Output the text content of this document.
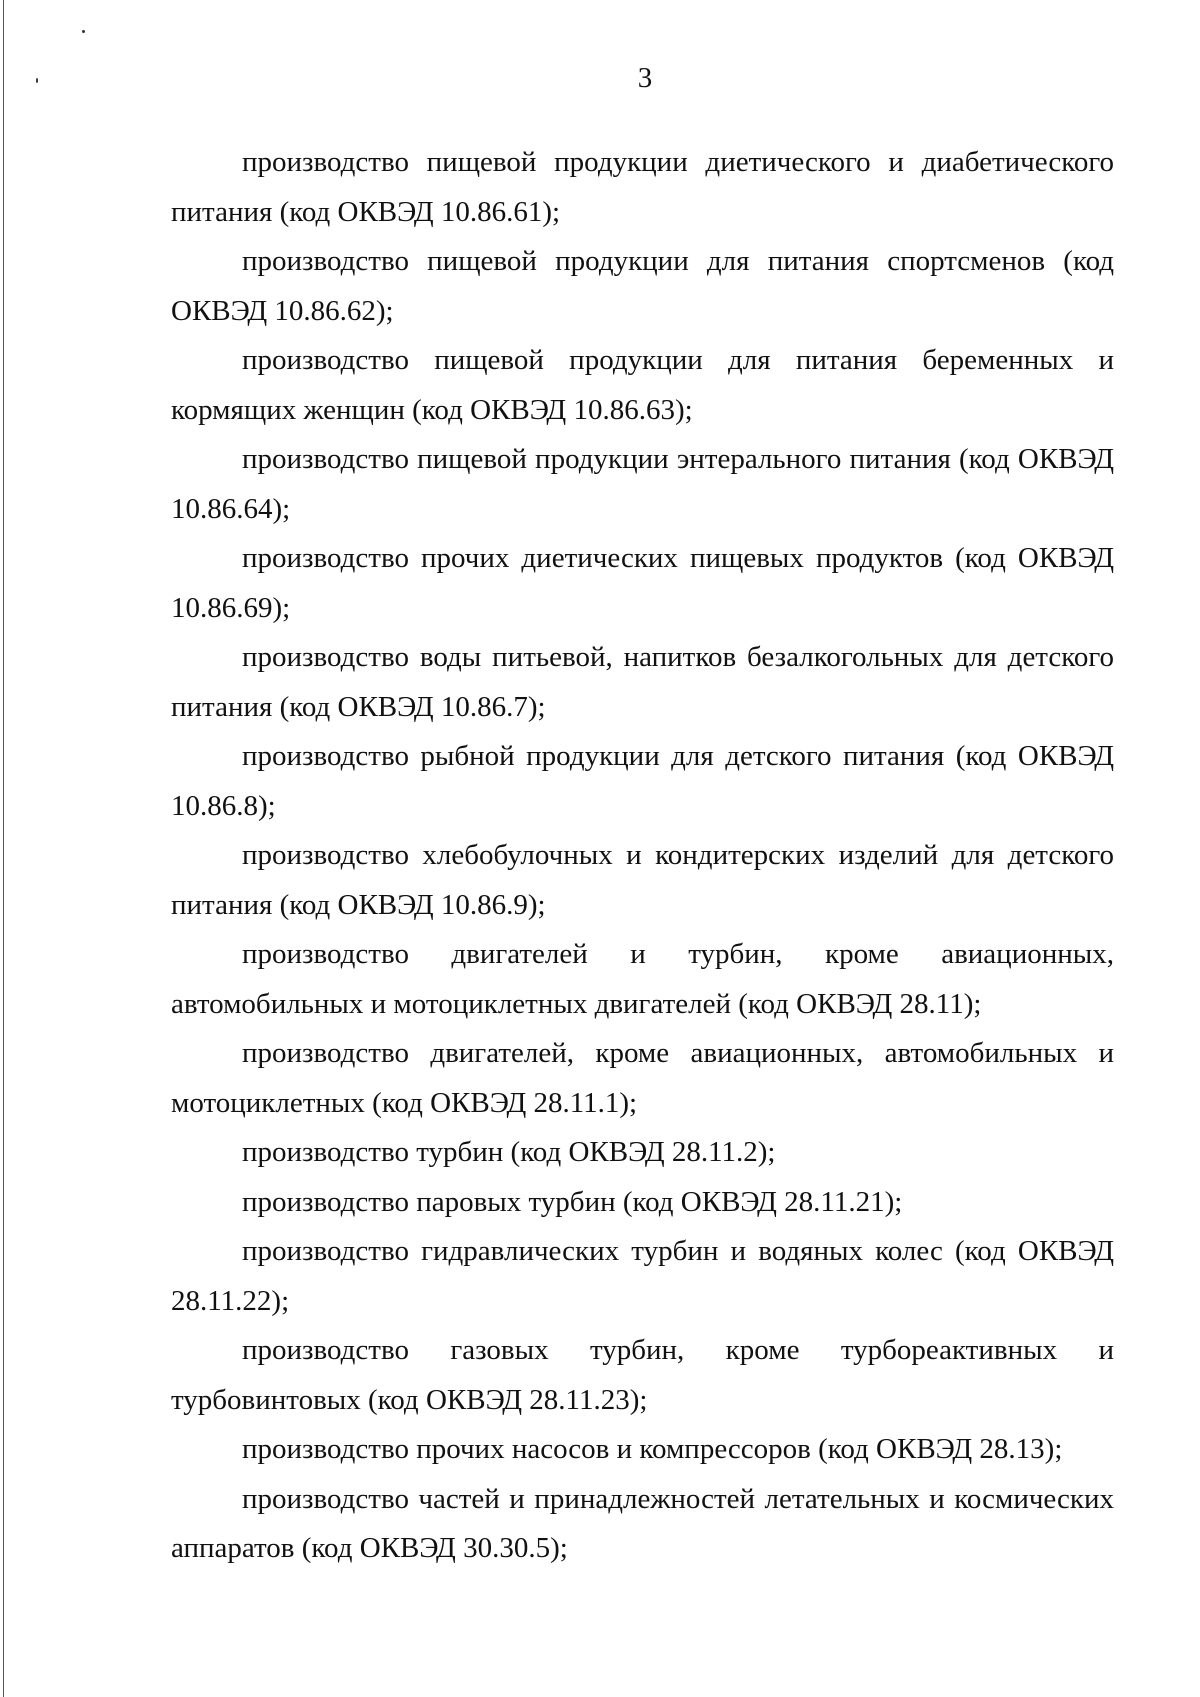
3

производство пищевой продукции диетического и диабетического питания (код ОКВЭД 10.86.61);

производство пищевой продукции для питания спортсменов (код ОКВЭД 10.86.62);

производство пищевой продукции для питания беременных и кормящих женщин (код ОКВЭД 10.86.63);

производство пищевой продукции энтерального питания (код ОКВЭД 10.86.64);

производство прочих диетических пищевых продуктов (код ОКВЭД 10.86.69);

производство воды питьевой, напитков безалкогольных для детского питания (код ОКВЭД 10.86.7);

производство рыбной продукции для детского питания (код ОКВЭД 10.86.8);

производство хлебобулочных и кондитерских изделий для детского питания (код ОКВЭД 10.86.9);

производство двигателей и турбин, кроме авиационных, автомобильных и мотоциклетных двигателей (код ОКВЭД 28.11);

производство двигателей, кроме авиационных, автомобильных и мотоциклетных (код ОКВЭД 28.11.1);

производство турбин (код ОКВЭД 28.11.2);

производство паровых турбин (код ОКВЭД 28.11.21);

производство гидравлических турбин и водяных колес (код ОКВЭД 28.11.22);

производство газовых турбин, кроме турбореактивных и турбовинтовых (код ОКВЭД 28.11.23);

производство прочих насосов и компрессоров (код ОКВЭД 28.13);

производство частей и принадлежностей летательных и космических аппаратов (код ОКВЭД 30.30.5);
